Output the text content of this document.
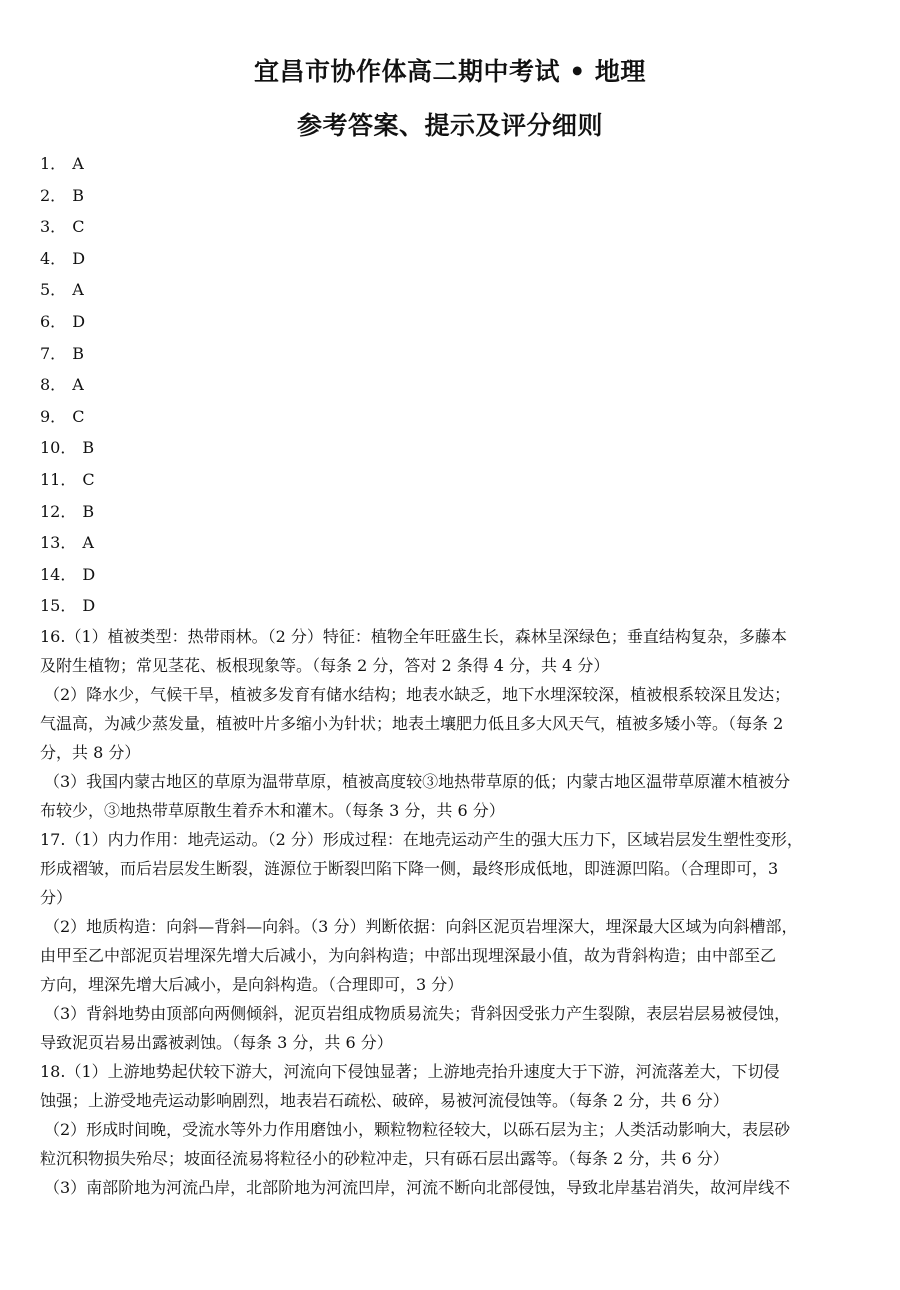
宜昌市协作体高二期中考试 • 地理
参考答案、提示及评分细则
1． A
2． B
3． C
4． D
5． A
6． D
7． B
8． A
9． C
10． B
11． C
12． B
13． A
14． D
15． D
16.（1）植被类型：热带雨林。（2 分）特征：植物全年旺盛生长，森林呈深绿色；垂直结构复杂，多藤本
及附生植物；常见茎花、板根现象等。（每条 2 分，答对 2 条得 4 分，共 4 分）
（2）降水少，气候干旱，植被多发育有储水结构；地表水缺乏，地下水埋深较深，植被根系较深且发达；
气温高，为减少蒸发量，植被叶片多缩小为针状；地表土壤肥力低且多大风天气，植被多矮小等。（每条 2
分，共 8 分）
（3）我国内蒙古地区的草原为温带草原，植被高度较③地热带草原的低；内蒙古地区温带草原灌木植被分
布较少，③地热带草原散生着乔木和灌木。（每条 3 分，共 6 分）
17.（1）内力作用：地壳运动。（2 分）形成过程：在地壳运动产生的强大压力下，区域岩层发生塑性变形，
形成褶皱，而后岩层发生断裂，涟源位于断裂凹陷下降一侧，最终形成低地，即涟源凹陷。（合理即可，3
分）
（2）地质构造：向斜—背斜—向斜。（3 分）判断依据：向斜区泥页岩埋深大，埋深最大区域为向斜槽部，
由甲至乙中部泥页岩埋深先增大后减小，为向斜构造；中部出现埋深最小值，故为背斜构造；由中部至乙
方向，埋深先增大后减小，是向斜构造。（合理即可，3 分）
（3）背斜地势由顶部向两侧倾斜，泥页岩组成物质易流失；背斜因受张力产生裂隙，表层岩层易被侵蚀，
导致泥页岩易出露被剥蚀。（每条 3 分，共 6 分）
18.（1）上游地势起伏较下游大，河流向下侵蚀显著；上游地壳抬升速度大于下游，河流落差大，下切侵
蚀强；上游受地壳运动影响剧烈，地表岩石疏松、破碎，易被河流侵蚀等。（每条 2 分，共 6 分）
（2）形成时间晚，受流水等外力作用磨蚀小，颗粒物粒径较大，以砾石层为主；人类活动影响大，表层砂
粒沉积物损失殆尽；坡面径流易将粒径小的砂粒冲走，只有砾石层出露等。（每条 2 分，共 6 分）
（3）南部阶地为河流凸岸，北部阶地为河流凹岸，河流不断向北部侵蚀，导致北岸基岩消失，故河岸线不
